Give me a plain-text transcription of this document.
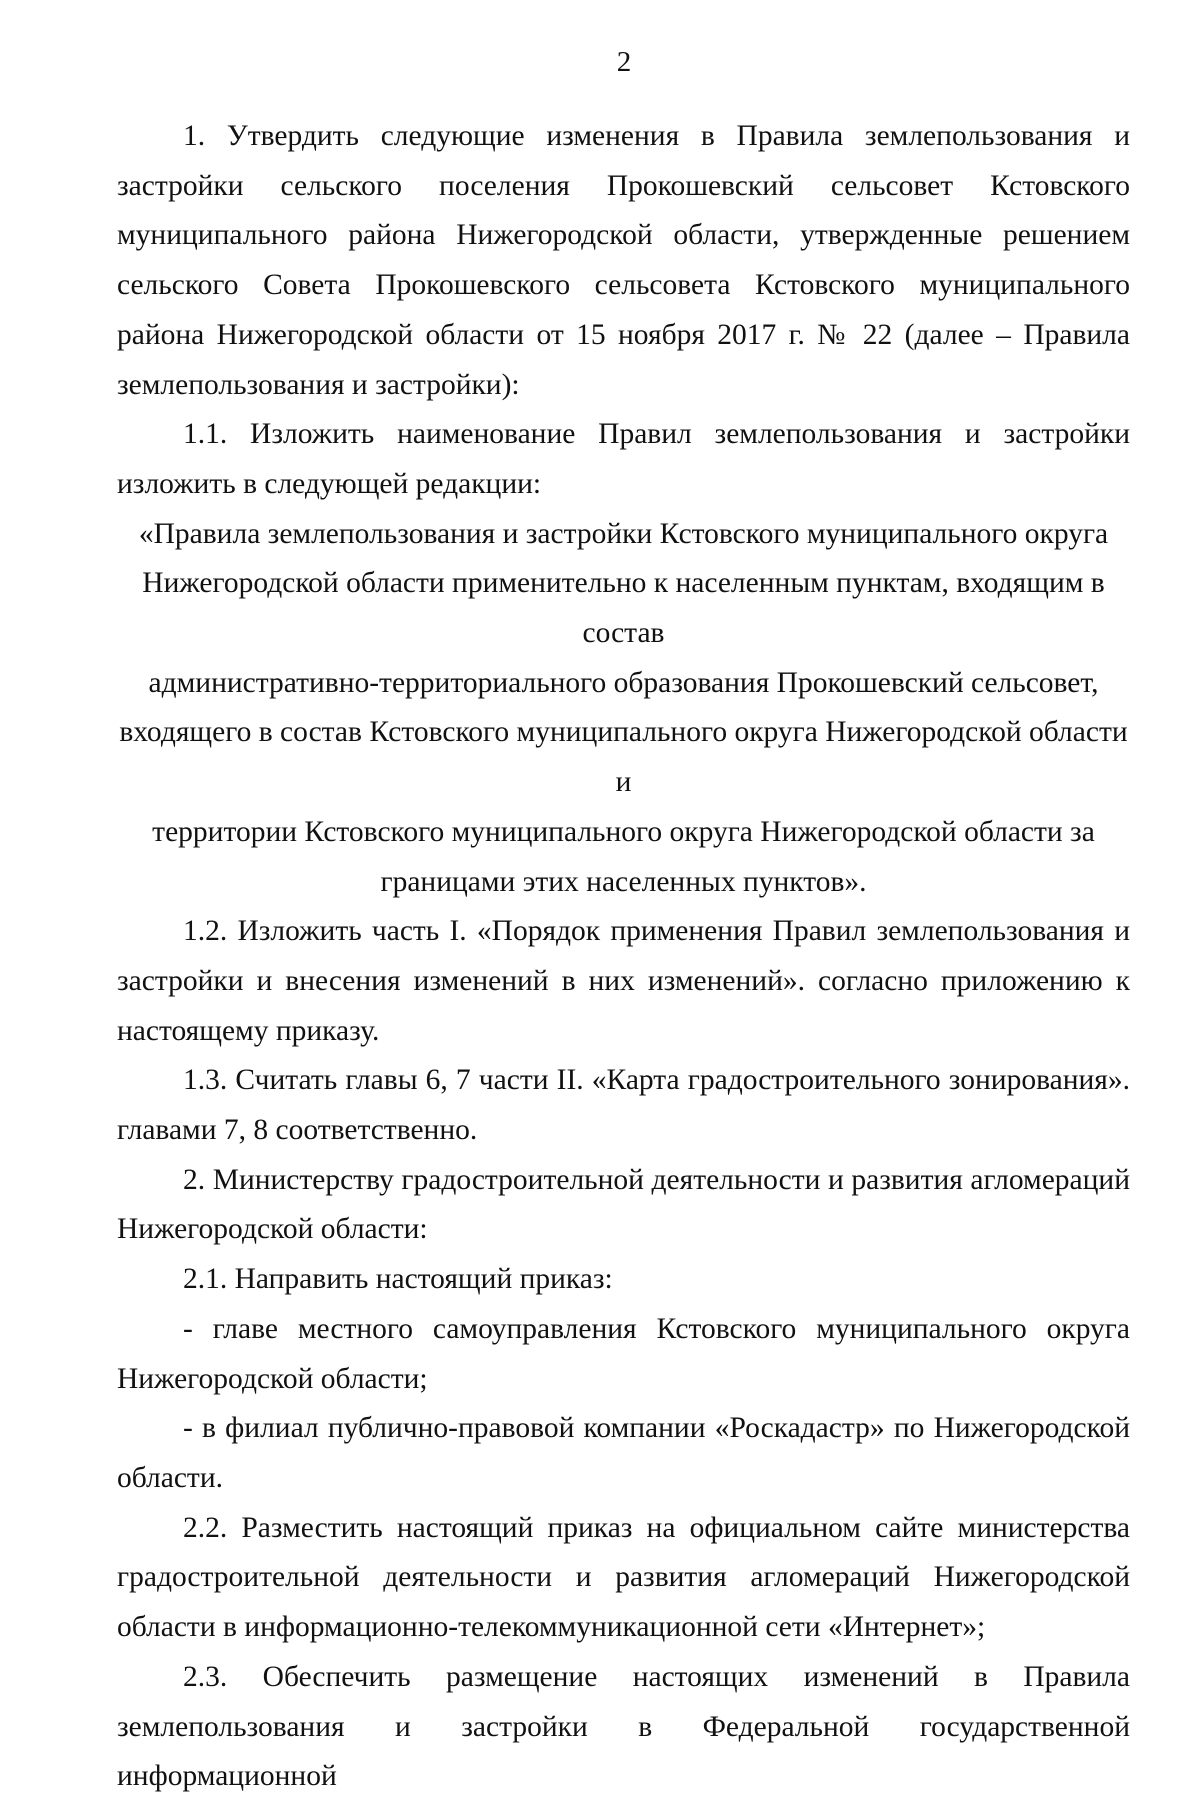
2

1. Утвердить следующие изменения в Правила землепользования и застройки сельского поселения Прокошевский сельсовет Кстовского муниципального района Нижегородской области, утвержденные решением сельского Совета Прокошевского сельсовета Кстовского муниципального района Нижегородской области от 15 ноября 2017 г. № 22 (далее – Правила землепользования и застройки):

1.1. Изложить наименование Правил землепользования и застройки изложить в следующей редакции:

«Правила землепользования и застройки Кстовского муниципального округа

Нижегородской области применительно к населенным пунктам, входящим в состав

административно-территориального образования Прокошевский сельсовет,

входящего в состав Кстовского муниципального округа Нижегородской области и

территории Кстовского муниципального округа Нижегородской области за

границами этих населенных пунктов».

1.2. Изложить часть I. «Порядок применения Правил землепользования и застройки и внесения изменений в них изменений». согласно приложению к настоящему приказу.

1.3. Считать главы 6, 7 части II. «Карта градостроительного зонирования». главами 7, 8 соответственно.

2. Министерству градостроительной деятельности и развития агломераций Нижегородской области:

2.1. Направить настоящий приказ:

- главе местного самоуправления Кстовского муниципального округа Нижегородской области;

- в филиал публично-правовой компании «Роскадастр» по Нижегородской области.

2.2. Разместить настоящий приказ на официальном сайте министерства градостроительной деятельности и развития агломераций Нижегородской области в информационно-телекоммуникационной сети «Интернет»;

2.3. Обеспечить размещение настоящих изменений в Правила землепользования и застройки в Федеральной государственной информационной
